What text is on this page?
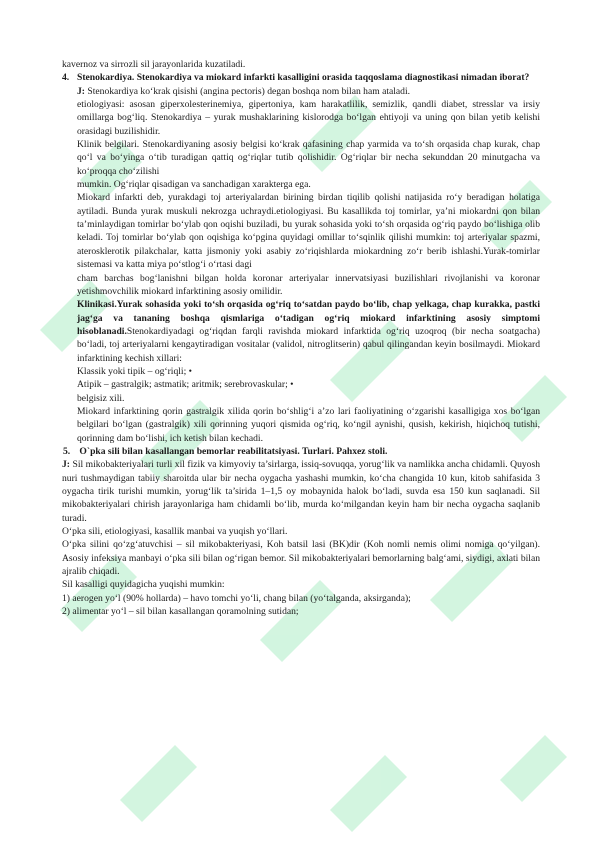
kavernoz va sirrozli sil jarayonlarida kuzatiladi.

4. Stenokardiya. Stenokardiya va miokard infarkti kasalligini orasida taqqoslama diagnostikasi nimadan iborat?

J: Stenokardiya ko‘krak qisishi (angina pectoris) degan boshqa nom bilan ham ataladi.

etiologiyasi: asosan giperxolesterinemiya, gipertoniya, kam harakatlilik, semizlik, qandli diabet, stresslar va irsiy omillarga bog‘liq. Stenokardiya – yurak mushaklarining kislorodga bo‘lgan ehtiyoji va uning qon bilan yetib kelishi orasidagi buzilishidir.

Klinik belgilari. Stenokardiyaning asosiy belgisi ko‘krak qafasining chap yarmida va to‘sh orqasida chap kurak, chap qo‘l va bo‘yinga o‘tib turadigan qattiq og‘riqlar tutib qolishidir. Og‘riqlar bir necha sekunddan 20 minutgacha va ko‘proqqa cho‘zilishi

mumkin. Og‘riqlar qisadigan va sanchadigan xarakterga ega.

Miokard infarkti deb, yurakdagi toj arteriyalardan birining birdan tiqilib qolishi natijasida ro‘y beradigan holatiga aytiladi. Bunda yurak muskuli nekrozga uchraydi.etiologiyasi. Bu kasallikda toj tomirlar, ya’ni miokardni qon bilan ta’minlaydigan tomirlar bo‘ylab qon oqishi buziladi, bu yurak sohasida yoki to‘sh orqasida og‘riq paydo bo‘lishiga olib keladi. Toj tomirlar bo‘ylab qon oqishiga ko‘pgina quyidagi omillar to‘sqinlik qilishi mumkin: toj arteriyalar spazmi, aterosklerotik pilakchalar, katta jismoniy yoki asabiy zo‘riqishlarda miokardning zo‘r berib ishlashi.Yurak-tomirlar sistemasi va katta miya po‘stlog‘i o‘rtasi dagi

cham barchas bog‘lanishni bilgan holda koronar arteriyalar innervatsiyasi buzilishlari rivojlanishi va koronar yetishmovchilik miokard infarktining asosiy omilidir.

Klinikasi.Yurak sohasida yoki to‘sh orqasida og‘riq to‘satdan paydo bo‘lib, chap yelkaga, chap kurakka, pastki jag‘ga va tananing boshqa qismlariga o‘tadigan og‘riq miokard infarktining asosiy simptomi hisoblanadi.Stenokardiyadagi og‘riqdan farqli ravishda miokard infarktida og‘riq uzoqroq (bir necha soatgacha) bo‘ladi, toj arteriyalarni kengaytiradigan vositalar (validol, nitroglitserin) qabul qilingandan keyin bosilmaydi. Miokard infarktining kechish xillari:

Klassik yoki tipik – og‘riqli; •

Atipik – gastralgik; astmatik; aritmik; serebrovaskular; •

belgisiz xili.

Miokard infarktining qorin gastralgik xilida qorin bo‘shlig‘i a’zo lari faoliyatining o‘zgarishi kasalligiga xos bo‘lgan belgilari bo‘lgan (gastralgik) xili qorinning yuqori qismida og‘riq, ko‘ngil aynishi, qusish, kekirish, hiqichoq tutishi, qorinning dam bo‘lishi, ich ketish bilan kechadi.

5. O`pka sili bilan kasallangan bemorlar reabilitatsiyasi. Turlari. Pahxez stoli.

J: Sil mikobakteriyalari turli xil fizik va kimyoviy ta’sirlarga, issiq-sovuqqa, yorug‘lik va namlikka ancha chidamli. Quyosh nuri tushmaydigan tabiiy sharoitda ular bir necha oygacha yashashi mumkin, ko‘cha changida 10 kun, kitob sahifasida 3 oygacha tirik turishi mumkin, yorug‘lik ta’sirida 1–1,5 oy mobaynida halok bo‘ladi, suvda esa 150 kun saqlanadi. Sil mikobakteriyalari chirish jarayonlariga ham chidamli bo‘lib, murda ko‘milgandan keyin ham bir necha oygacha saqlanib turadi.

O‘pka sili, etiologiyasi, kasallik manbai va yuqish yo‘llari.

O‘pka silini qo‘zg‘atuvchisi – sil mikobakteriyasi, Koh batsil lasi (BK)dir (Koh nomli nemis olimi nomiga qo‘yilgan). Asosiy infeksiya manbayi o‘pka sili bilan og‘rigan bemor. Sil mikobakteriyalari bemorlarning balg‘ami, siydigi, axlati bilan ajralib chiqadi.

Sil kasalligi quyidagicha yuqishi mumkin:

1) aerogen yo‘l (90% hollarda) – havo tomchi yo‘li, chang bilan (yo‘talganda, aksirganda);

2) alimentar yo‘l – sil bilan kasallangan qoramolning sutidan;
